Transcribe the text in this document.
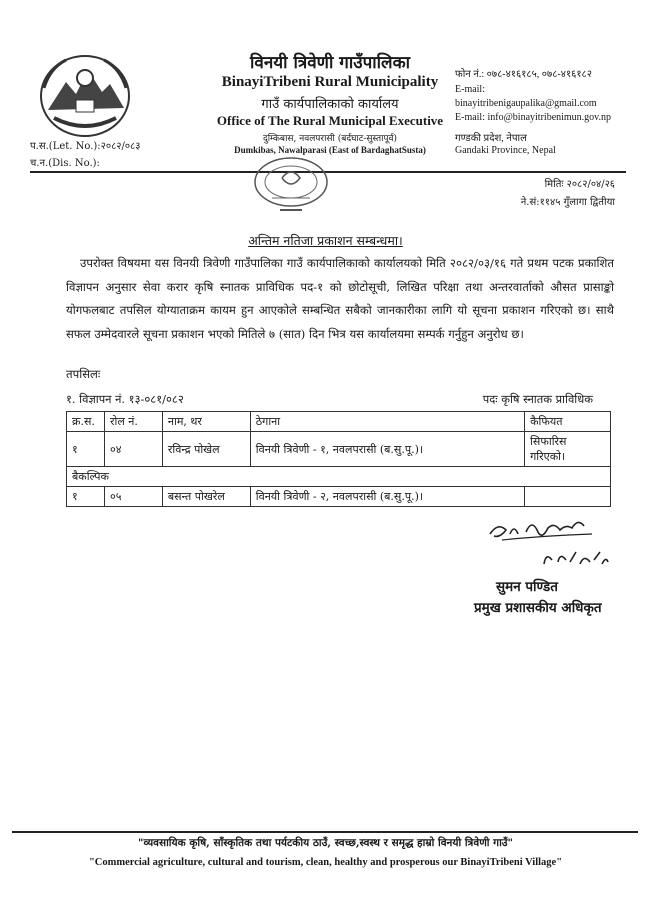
विनयी त्रिवेणी गाउँपालिका
BinayiTribeni Rural Municipality
गाउँ कार्यपालिकाको कार्यालय
Office of The Rural Municipal Executive
दुम्किबास, नवलपरासी (बर्दघाट-सुस्तापूर्व)
Dumkibas, Nawalparasi (East of BardaghatSusta)
फोन नं.: ०७८-४१६१८५, ०७८-४१६१८२
E-mail:
binayitribenigaupalika@gmail.com
E-mail: info@binayitribenimun.gov.np
गण्डकी प्रदेश, नेपाल
Gandaki Province, Nepal
प.स.(Let. No.):२०८२/०८३
च.न.(Dis. No.):
मितिः २०८२/०४/२६
ने.सं:११४५ गुँलागा द्वितीया
अन्तिम नतिजा प्रकाशन सम्बन्धमा।

उपरोक्त विषयमा यस विनयी त्रिवेणी गाउँपालिका गाउँ कार्यपालिकाको कार्यालयको मिति २०८२/०३/१६ गते प्रथम पटक प्रकाशित विज्ञापन अनुसार सेवा करार कृषि स्नातक प्राविधिक पद-१ को छोटोसूची, लिखित परिक्षा तथा अन्तरवार्ताको औसत प्रासाङ्को योगफलबाट तपसिल योग्याताक्रम कायम हुन आएकोले सम्बन्धित सबैको जानकारीका लागि यो सूचना प्रकाशन गरिएको छ। साथै सफल उम्मेदवारले सूचना प्रकाशन भएको मितिले ७ (सात) दिन भित्र यस कार्यालयमा सम्पर्क गर्नुहुन अनुरोध छ।

तपसिलः
१. विज्ञापन नं. १३-०८१/०८२	पदः कृषि स्नातक प्राविधिक
क्र.स.	रोल नं.	नाम, थर	ठेगाना	कैफियत
१	०४	रविन्द्र पोखेल	विनयी त्रिवेणी - १, नवलपरासी (ब.सु.पू.)।	सिफारिस गरिएको।
बैकल्पिक				
१	०५	बसन्त पोखरेल	विनयी त्रिवेणी - २, नवलपरासी (ब.सु.पू.)।	
सुमन पण्डित
प्रमुख प्रशासकीय अधिकृत
"व्यवसायिक कृषि, साँस्कृतिक तथा पर्यटकीय ठाउँ, स्वच्छ,स्वस्थ र समृद्ध हाम्रो विनयी त्रिवेणी गाउँ"
"Commercial agriculture, cultural and tourism, clean, healthy and prosperous our BinayiTribeni Village"
